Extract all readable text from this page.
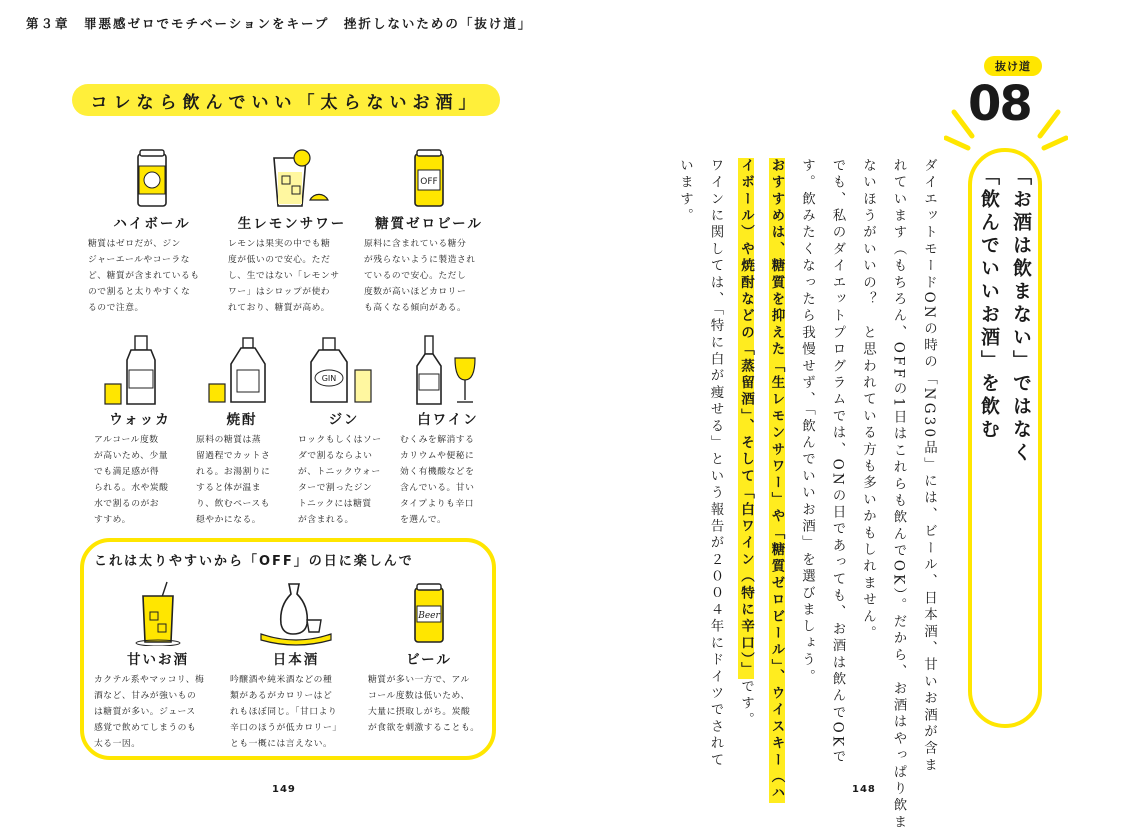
第３章　罪悪感ゼロでモチベーションをキープ　挫折しないための「抜け道」
コレなら飲んでいい「太らないお酒」
ハイボール
糖質はゼロだが、ジン
ジャーエールやコーラな
ど、糖質が含まれているも
ので割ると太りやすくな
るので注意。
生レモンサワー
レモンは果実の中でも糖
度が低いので安心。ただ
し、生ではない「レモンサ
ワー」はシロップが使わ
れており、糖質が高め。
OFF
糖質ゼロビール
原料に含まれている糖分
が残らないように製造され
ているので安心。ただし
度数が高いほどカロリー
も高くなる傾向がある。
ウォッカ
アルコール度数
が高いため、少量
でも満足感が得
られる。水や炭酸
水で割るのがお
すすめ。
焼酎
原料の糖質は蒸
留過程でカットさ
れる。お湯割りに
すると体が温ま
り、飲むペースも
穏やかになる。
GIN
ジン
ロックもしくはソー
ダで割るならよい
が、トニックウォー
ターで割ったジン
トニックには糖質
が含まれる。
白ワイン
むくみを解消する
カリウムや便秘に
効く有機酸などを
含んでいる。甘い
タイプよりも辛口
を選んで。
これは太りやすいから「OFF」の日に楽しんで
甘いお酒
カクテル系やマッコリ、梅
酒など、甘みが強いもの
は糖質が多い。ジュース
感覚で飲めてしまうのも
太る一因。
日本酒
吟醸酒や純米酒などの種
類があるがカロリーはど
れもほぼ同じ。「甘口より
辛口のほうが低カロリー」
とも一概には言えない。
Beer
ビール
糖質が多い一方で、アル
コール度数は低いため、
大量に摂取しがち。炭酸
が食欲を刺激することも。
149
ダイエットモードONの時の「NG30品」には、ビール、日本酒、甘いお酒が含ま
れています（もちろん、OFFの1日はこれらも飲んでOK）。だから、お酒はやっぱり飲ま
ないほうがいいの？　と思われている方も多いかもしれません。
でも、私のダイエットプログラムでは、ONの日であっても、お酒は飲んでOKで
す。飲みたくなったら我慢せず、「飲んでいいお酒」を選びましょう。
おすすめは、糖質を抑えた「生レモンサワー」や「糖質ゼロビール」、ウイスキー（ハ
イボール）や焼酎などの「蒸留酒」、そして「白ワイン（特に辛口）」です。
ワインに関しては、「特に白が痩せる」という報告が２００４年にドイツでされて
います。
148
抜け道
08
「お酒は飲まない」ではなく
「飲んでいいお酒」を飲む
